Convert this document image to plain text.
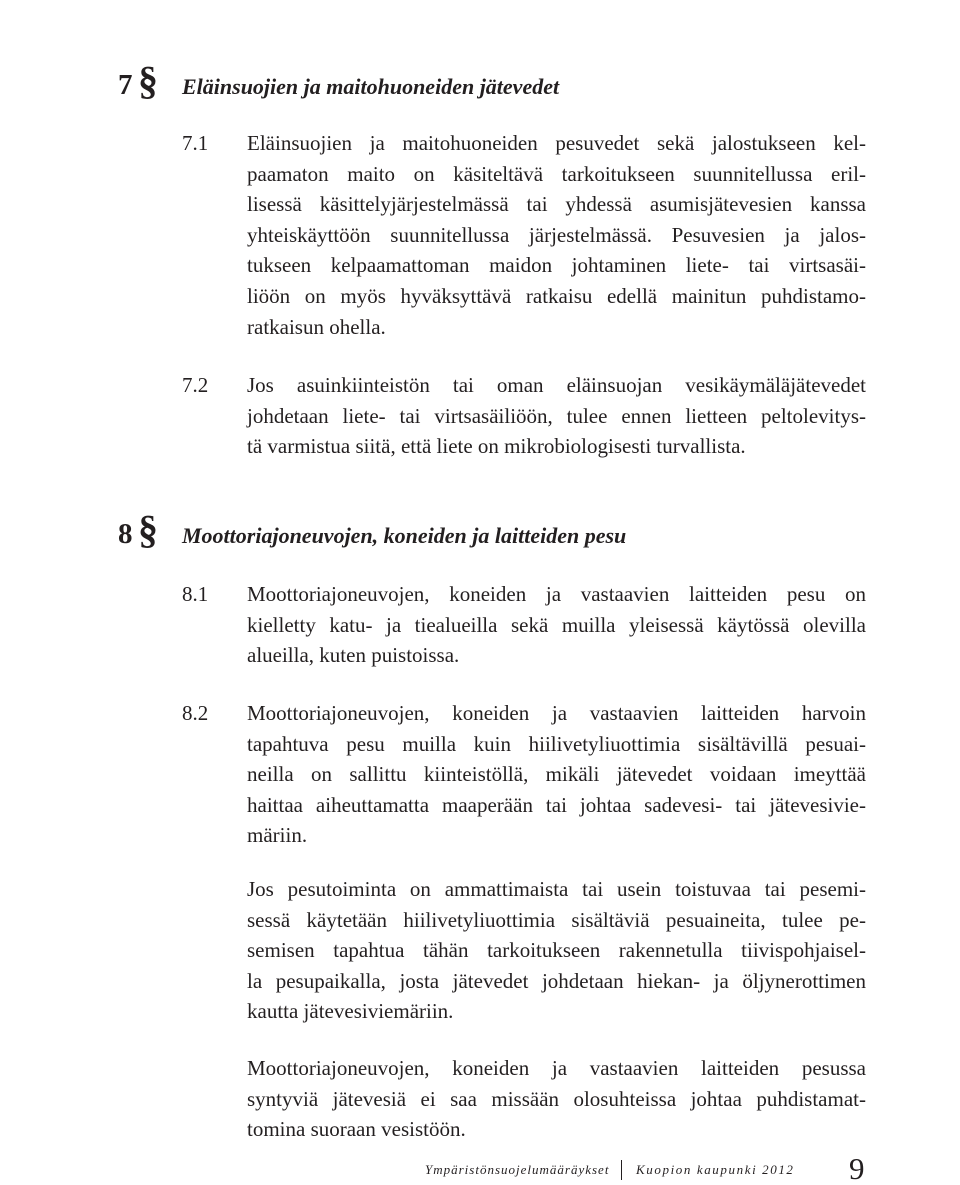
7 §	Eläinsuojien ja maitohuoneiden jätevedet
7.1 Eläinsuojien ja maitohuoneiden pesuvedet sekä jalostukseen kel-
paamaton maito on käsiteltävä tarkoitukseen suunnitellussa eril-
lisessä käsittelyjärjestelmässä tai yhdessä asumisjätevesien kanssa
yhteiskäyttöön suunnitellussa järjestelmässä. Pesuvesien ja jalos-
tukseen kelpaamattoman maidon johtaminen liete- tai virtsasäi-
liöön on myös hyväksyttävä ratkaisu edellä mainitun puhdistamo-
ratkaisun ohella.
7.2 Jos asuinkiinteistön tai oman eläinsuojan vesikäymäläjätevedet
johdetaan liete- tai virtsasäiliöön, tulee ennen lietteen peltolevitys-
tä varmistua siitä, että liete on mikrobiologisesti turvallista.
8 §	Moottoriajoneuvojen, koneiden ja laitteiden pesu
8.1 Moottoriajoneuvojen, koneiden ja vastaavien laitteiden pesu on
kielletty katu- ja tiealueilla sekä muilla yleisessä käytössä olevilla
alueilla, kuten puistoissa.
8.2 Moottoriajoneuvojen, koneiden ja vastaavien laitteiden harvoin
tapahtuva pesu muilla kuin hiilivetyliuottimia sisältävillä pesuai-
neilla on sallittu kiinteistöllä, mikäli jätevedet voidaan imeyttää
haittaa aiheuttamatta maaperään tai johtaa sadevesi- tai jätevesivie-
märiin.
Jos pesutoiminta on ammattimaista tai usein toistuvaa tai pesemi-
sessä käytetään hiilivetyliuottimia sisältäviä pesuaineita, tulee pe-
semisen tapahtua tähän tarkoitukseen rakennetulla tiivispohjaisel-
la pesupaikalla, josta jätevedet johdetaan hiekan- ja öljynerottimen
kautta jätevesiviemäriin.
Moottoriajoneuvojen, koneiden ja vastaavien laitteiden pesussa
syntyviä jätevesiä ei saa missään olosuhteissa johtaa puhdistamat-
tomina suoraan vesistöön.
Ympäristönsuojelumääräykset Kuopion kaupunki 2012 9
